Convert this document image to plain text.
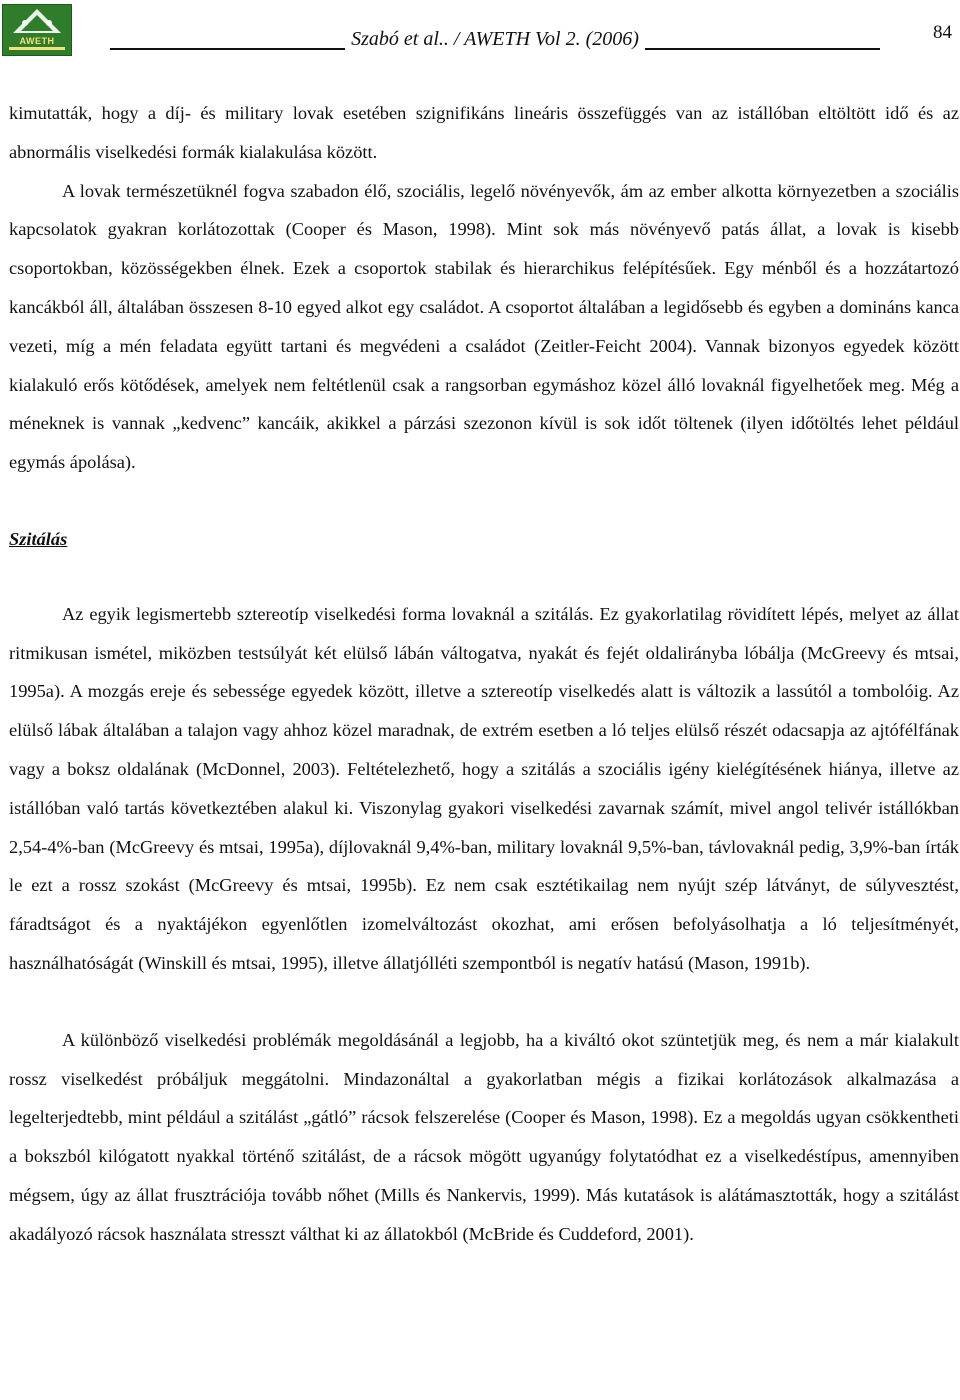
AWETH	Szabó et al.. / AWETH Vol 2. (2006)	84

kimutatták, hogy a díj- és military lovak esetében szignifikáns lineáris összefüggés van az istállóban eltöltött idő és az abnormális viselkedési formák kialakulása között.

A lovak természetüknél fogva szabadon élő, szociális, legelő növényevők, ám az ember alkotta környezetben a szociális kapcsolatok gyakran korlátozottak (Cooper és Mason, 1998). Mint sok más növényevő patás állat, a lovak is kisebb csoportokban, közösségekben élnek. Ezek a csoportok stabilak és hierarchikus felépítésűek. Egy ménből és a hozzátartozó kancákból áll, általában összesen 8-10 egyed alkot egy családot. A csoportot általában a legidősebb és egyben a domináns kanca vezeti, míg a mén feladata együtt tartani és megvédeni a családot (Zeitler-Feicht 2004). Vannak bizonyos egyedek között kialakuló erős kötődések, amelyek nem feltétlenül csak a rangsorban egymáshoz közel álló lovaknál figyelhetőek meg. Még a méneknek is vannak „kedvenc” kancáik, akikkel a párzási szezonon kívül is sok időt töltenek (ilyen időtöltés lehet például egymás ápolása).

Szitálás

Az egyik legismertebb sztereotíp viselkedési forma lovaknál a szitálás. Ez gyakorlatilag rövidített lépés, melyet az állat ritmikusan ismétel, miközben testsúlyát két elülső lábán váltogatva, nyakát és fejét oldalirányba lóbálja (McGreevy és mtsai, 1995a). A mozgás ereje és sebessége egyedek között, illetve a sztereotíp viselkedés alatt is változik a lassútól a tombolóig. Az elülső lábak általában a talajon vagy ahhoz közel maradnak, de extrém esetben a ló teljes elülső részét odacsapja az ajtófélfának vagy a boksz oldalának (McDonnel, 2003). Feltételezhető, hogy a szitálás a szociális igény kielégítésének hiánya, illetve az istállóban való tartás következtében alakul ki. Viszonylag gyakori viselkedési zavarnak számít, mivel angol telivér istállókban 2,54-4%-ban (McGreevy és mtsai, 1995a), díjlovaknál 9,4%-ban, military lovaknál 9,5%-ban, távlovaknál pedig, 3,9%-ban írták le ezt a rossz szokást (McGreevy és mtsai, 1995b). Ez nem csak esztétikailag nem nyújt szép látványt, de súlyvesztést, fáradtságot és a nyaktájékon egyenlőtlen izomelváltozást okozhat, ami erősen befolyásolhatja a ló teljesítményét, használhatóságát (Winskill és mtsai, 1995), illetve állatjólléti szempontból is negatív hatású (Mason, 1991b).

A különböző viselkedési problémák megoldásánál a legjobb, ha a kiváltó okot szüntetjük meg, és nem a már kialakult rossz viselkedést próbáljuk meggátolni. Mindazonáltal a gyakorlatban mégis a fizikai korlátozások alkalmazása a legelterjedtebb, mint például a szitálást „gátló” rácsok felszerelése (Cooper és Mason, 1998). Ez a megoldás ugyan csökkentheti a bokszból kilógatott nyakkal történő szitálást, de a rácsok mögött ugyanúgy folytatódhat ez a viselkedéstípus, amennyiben mégsem, úgy az állat frusztrációja tovább nőhet (Mills és Nankervis, 1999). Más kutatások is alátámasztották, hogy a szitálást akadályozó rácsok használata stresszt válthat ki az állatokból (McBride és Cuddeford, 2001).
